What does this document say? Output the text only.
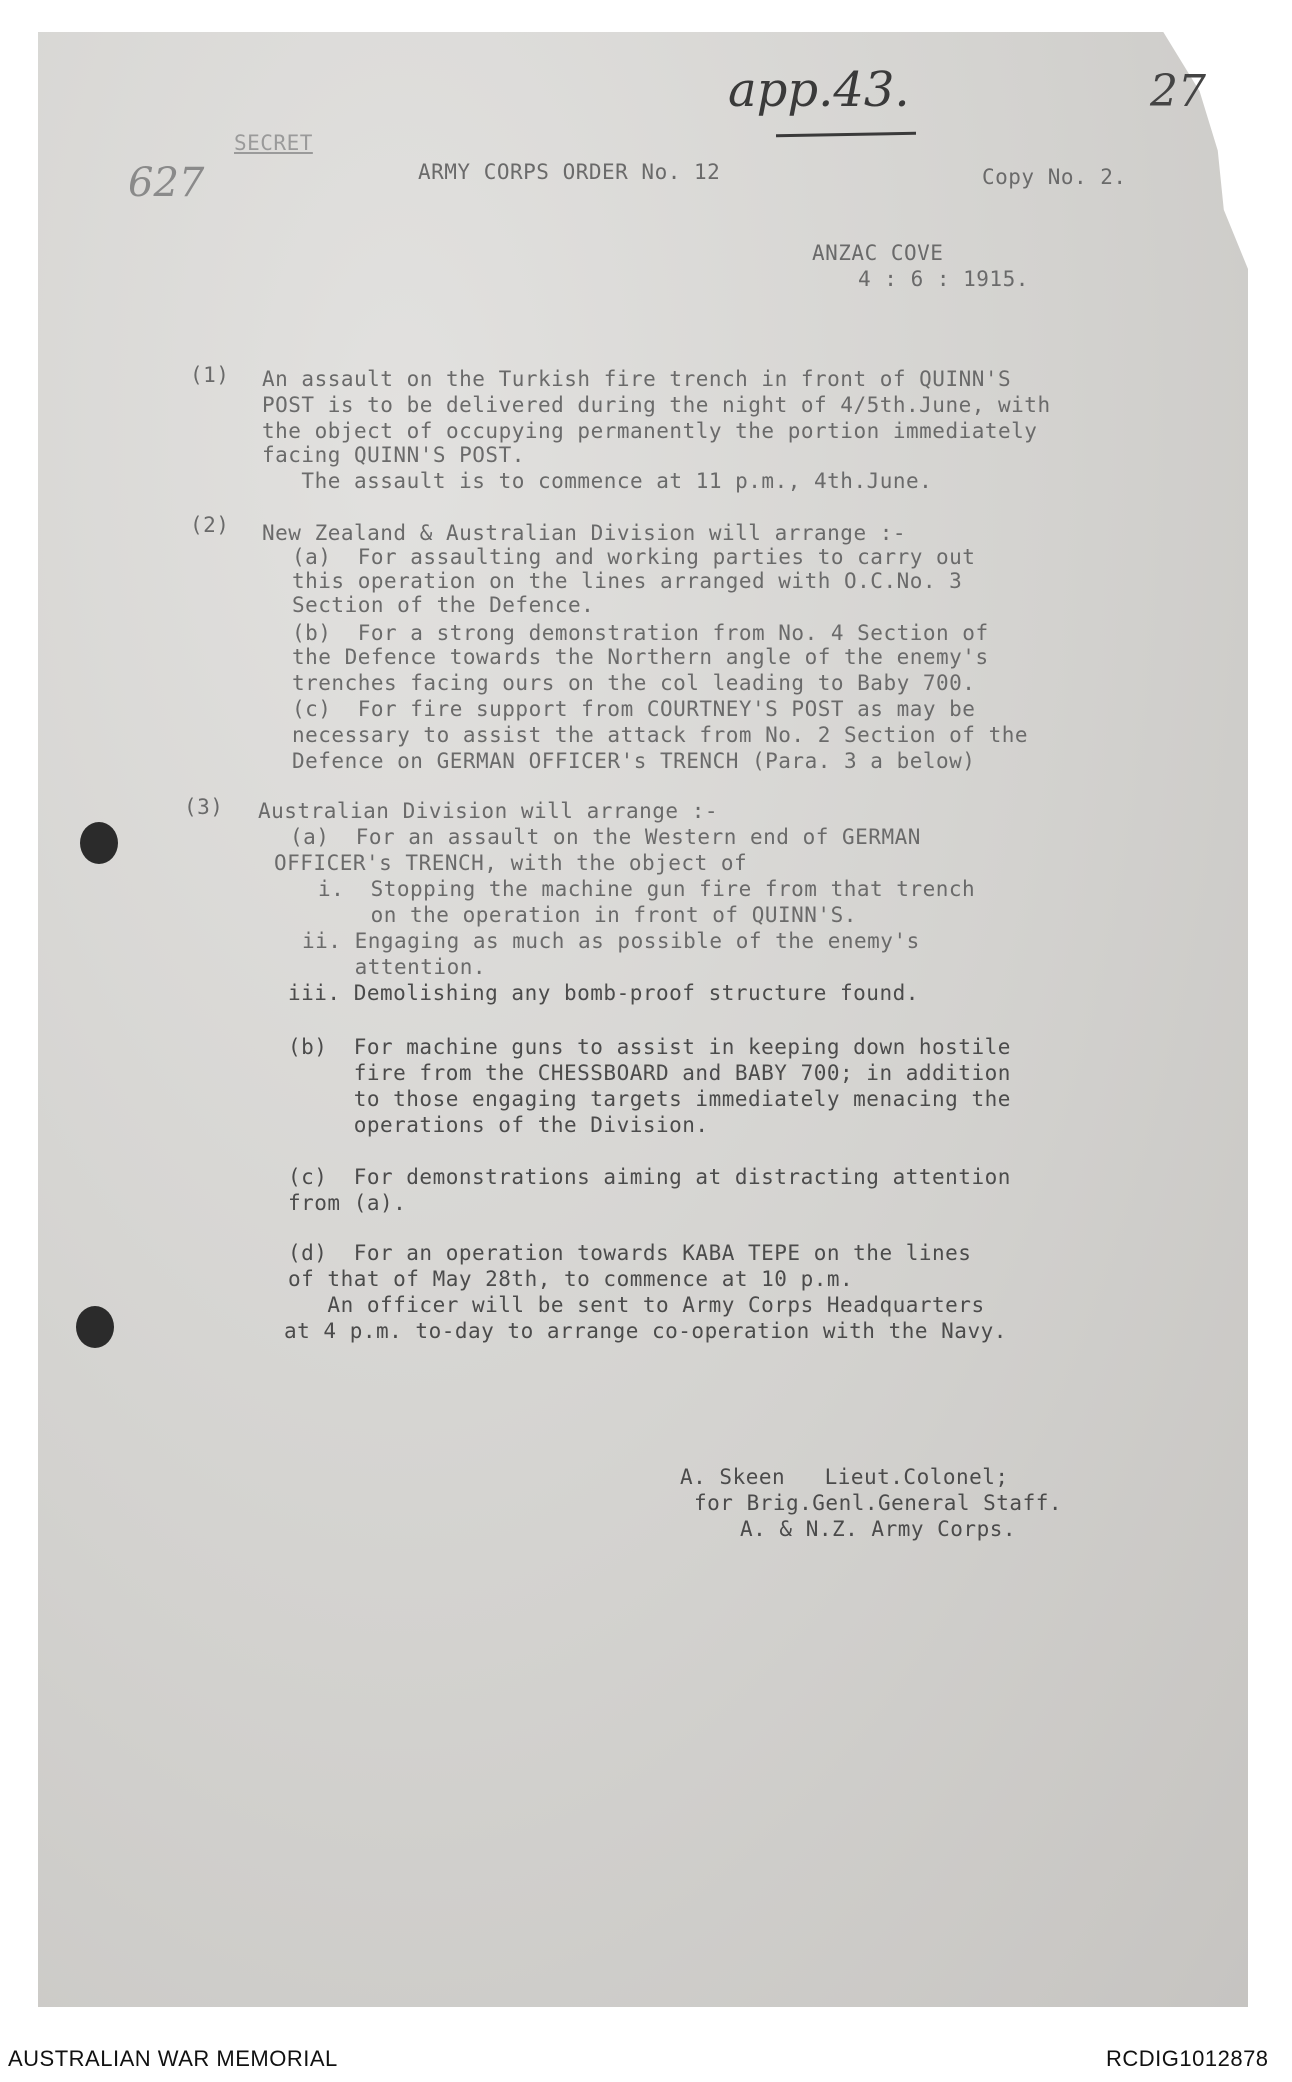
app.43.	27
627
SECRET
ARMY CORPS ORDER No. 12	Copy No. 2.
ANZAC COVE
4 : 6 : 1915.
(1) An assault on the Turkish fire trench in front of QUINN'S
POST is to be delivered during the night of 4/5th.June, with
the object of occupying permanently the portion immediately
facing QUINN'S POST.
The assault is to commence at 11 p.m., 4th.June.
(2) New Zealand & Australian Division will arrange :-
(a)  For assaulting and working parties to carry out
this operation on the lines arranged with O.C.No. 3
Section of the Defence.
(b)  For a strong demonstration from No. 4 Section of
the Defence towards the Northern angle of the enemy's
trenches facing ours on the col leading to Baby 700.
(c)  For fire support from COURTNEY'S POST as may be
necessary to assist the attack from No. 2 Section of the
Defence on GERMAN OFFICER's TRENCH (Para. 3 a below)
(3) Australian Division will arrange :-
(a)  For an assault on the Western end of GERMAN
OFFICER's TRENCH, with the object of
i.  Stopping the machine gun fire from that trench
on the operation in front of QUINN'S.
ii. Engaging as much as possible of the enemy's
attention.
iii. Demolishing any bomb-proof structure found.
(b)  For machine guns to assist in keeping down hostile
fire from the CHESSBOARD and BABY 700; in addition
to those engaging targets immediately menacing the
operations of the Division.
(c)  For demonstrations aiming at distracting attention
from (a).
(d)  For an operation towards KABA TEPE on the lines
of that of May 28th, to commence at 10 p.m.
An officer will be sent to Army Corps Headquarters
at 4 p.m. to-day to arrange co-operation with the Navy.
A. Skeen   Lieut.Colonel;
for Brig.Genl.General Staff.
A. & N.Z. Army Corps.
AUSTRALIAN WAR MEMORIAL	RCDIG1012878
